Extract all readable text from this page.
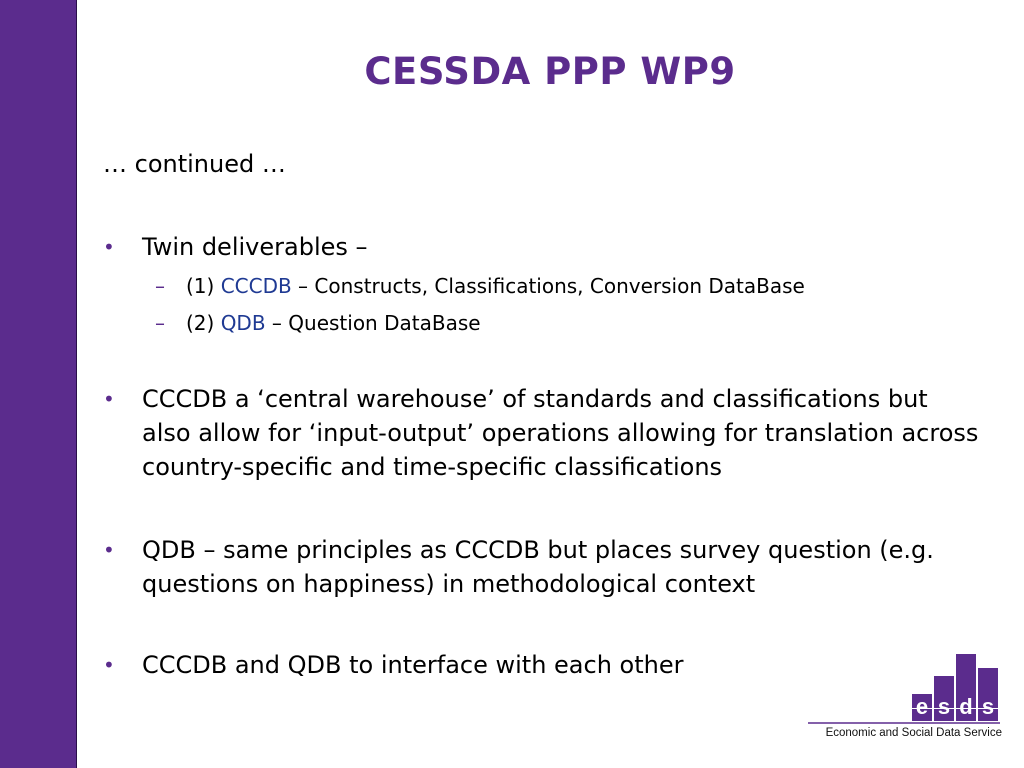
CESSDA PPP WP9
… continued …
• Twin deliverables –
– (1) CCCDB – Constructs, Classifications, Conversion DataBase
– (2) QDB – Question DataBase
• CCCDB a ‘central warehouse’ of standards and classifications but also allow for ‘input-output’ operations allowing for translation across country-specific and time-specific classifications
• QDB – same principles as CCCDB but places survey question (e.g. questions on happiness) in methodological context
• CCCDB and QDB to interface with each other
e s d s
Economic and Social Data Service
